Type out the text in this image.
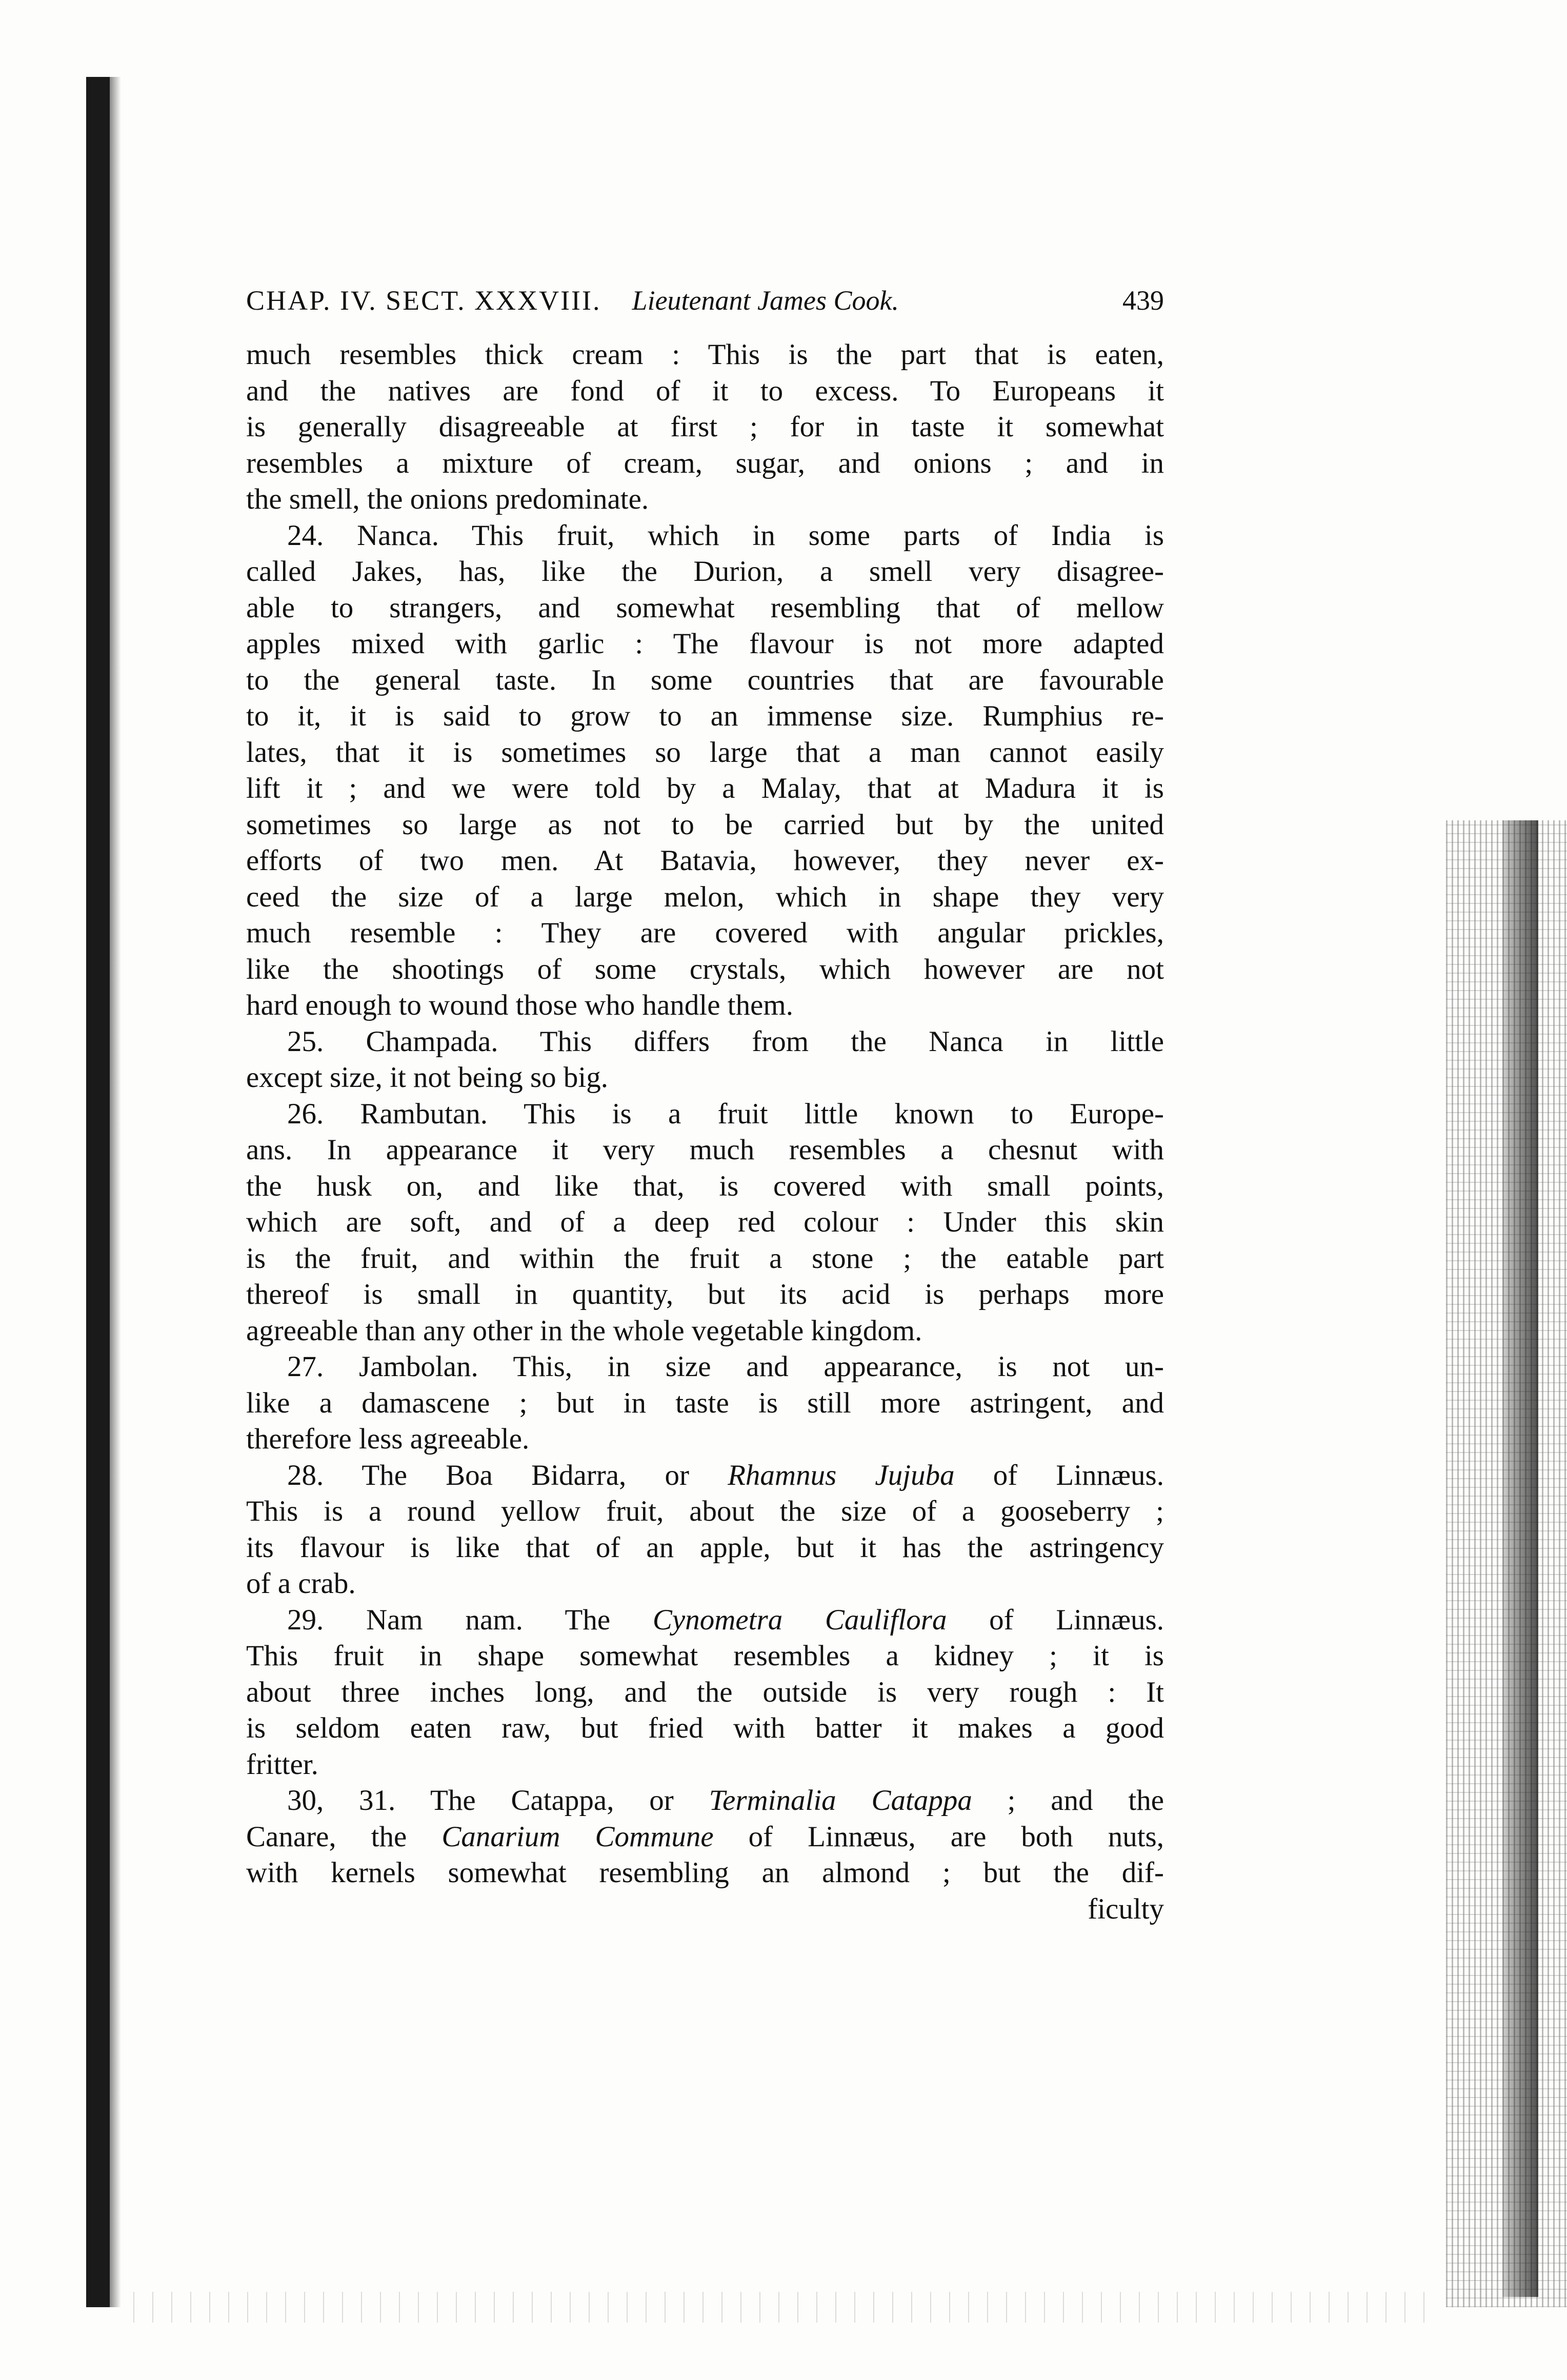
CHAP. IV. SECT. XXXVIII. Lieutenant James Cook.	439
much resembles thick cream : This is the part that is eaten,
and the natives are fond of it to excess. To Europeans it
is generally disagreeable at first ; for in taste it somewhat
resembles a mixture of cream, sugar, and onions ; and in
the smell, the onions predominate.
24. Nanca. This fruit, which in some parts of India is
called Jakes, has, like the Durion, a smell very disagree-
able to strangers, and somewhat resembling that of mellow
apples mixed with garlic : The flavour is not more adapted
to the general taste. In some countries that are favourable
to it, it is said to grow to an immense size. Rumphius re-
lates, that it is sometimes so large that a man cannot easily
lift it ; and we were told by a Malay, that at Madura it is
sometimes so large as not to be carried but by the united
efforts of two men. At Batavia, however, they never ex-
ceed the size of a large melon, which in shape they very
much resemble : They are covered with angular prickles,
like the shootings of some crystals, which however are not
hard enough to wound those who handle them.
25. Champada. This differs from the Nanca in little
except size, it not being so big.
26. Rambutan. This is a fruit little known to Europe-
ans. In appearance it very much resembles a chesnut with
the husk on, and like that, is covered with small points,
which are soft, and of a deep red colour : Under this skin
is the fruit, and within the fruit a stone ; the eatable part
thereof is small in quantity, but its acid is perhaps more
agreeable than any other in the whole vegetable kingdom.
27. Jambolan. This, in size and appearance, is not un-
like a damascene ; but in taste is still more astringent, and
therefore less agreeable.
28. The Boa Bidarra, or Rhamnus Jujuba of Linnæus.
This is a round yellow fruit, about the size of a gooseberry ;
its flavour is like that of an apple, but it has the astringency
of a crab.
29. Nam nam. The Cynometra Cauliflora of Linnæus.
This fruit in shape somewhat resembles a kidney ; it is
about three inches long, and the outside is very rough : It
is seldom eaten raw, but fried with batter it makes a good
fritter.
30, 31. The Catappa, or Terminalia Catappa ; and the
Canare, the Canarium Commune of Linnæus, are both nuts,
with kernels somewhat resembling an almond ; but the dif-
ficulty
